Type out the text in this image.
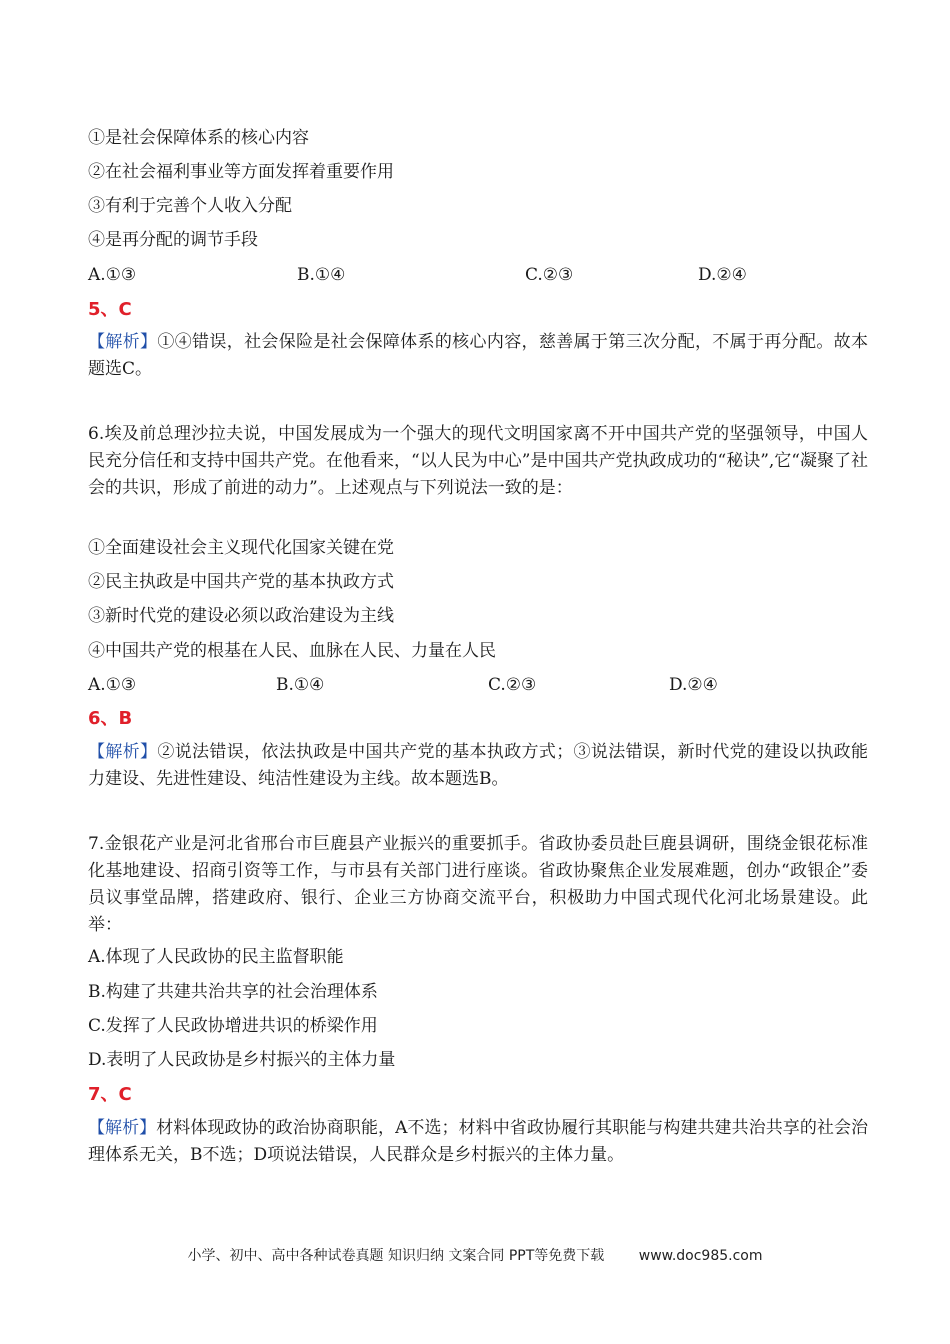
①是社会保障体系的核心内容
②在社会福利事业等方面发挥着重要作用
③有利于完善个人收入分配
④是再分配的调节手段
A.①③	B.①④	C.②③	D.②④
5、C
【解析】①④错误，社会保险是社会保障体系的核心内容，慈善属于第三次分配，不属于再分配。故本题选C。
6.埃及前总理沙拉夫说，中国发展成为一个强大的现代文明国家离不开中国共产党的坚强领导，中国人民充分信任和支持中国共产党。在他看来，“以人民为中心”是中国共产党执政成功的“秘诀”,它“凝聚了社会的共识，形成了前进的动力”。上述观点与下列说法一致的是：
①全面建设社会主义现代化国家关键在党
②民主执政是中国共产党的基本执政方式
③新时代党的建设必须以政治建设为主线
④中国共产党的根基在人民、血脉在人民、力量在人民
A.①③	B.①④	C.②③	D.②④
6、B
【解析】②说法错误，依法执政是中国共产党的基本执政方式；③说法错误，新时代党的建设以执政能力建设、先进性建设、纯洁性建设为主线。故本题选B。
7.金银花产业是河北省邢台市巨鹿县产业振兴的重要抓手。省政协委员赴巨鹿县调研，围绕金银花标准化基地建设、招商引资等工作，与市县有关部门进行座谈。省政协聚焦企业发展难题，创办“政银企”委员议事堂品牌，搭建政府、银行、企业三方协商交流平台，积极助力中国式现代化河北场景建设。此举：
A.体现了人民政协的民主监督职能
B.构建了共建共治共享的社会治理体系
C.发挥了人民政协增进共识的桥梁作用
D.表明了人民政协是乡村振兴的主体力量
7、C
【解析】材料体现政协的政治协商职能，A不选；材料中省政协履行其职能与构建共建共治共享的社会治理体系无关，B不选；D项说法错误，人民群众是乡村振兴的主体力量。
小学、初中、高中各种试卷真题 知识归纳 文案合同 PPT等免费下载 www.doc985.com
